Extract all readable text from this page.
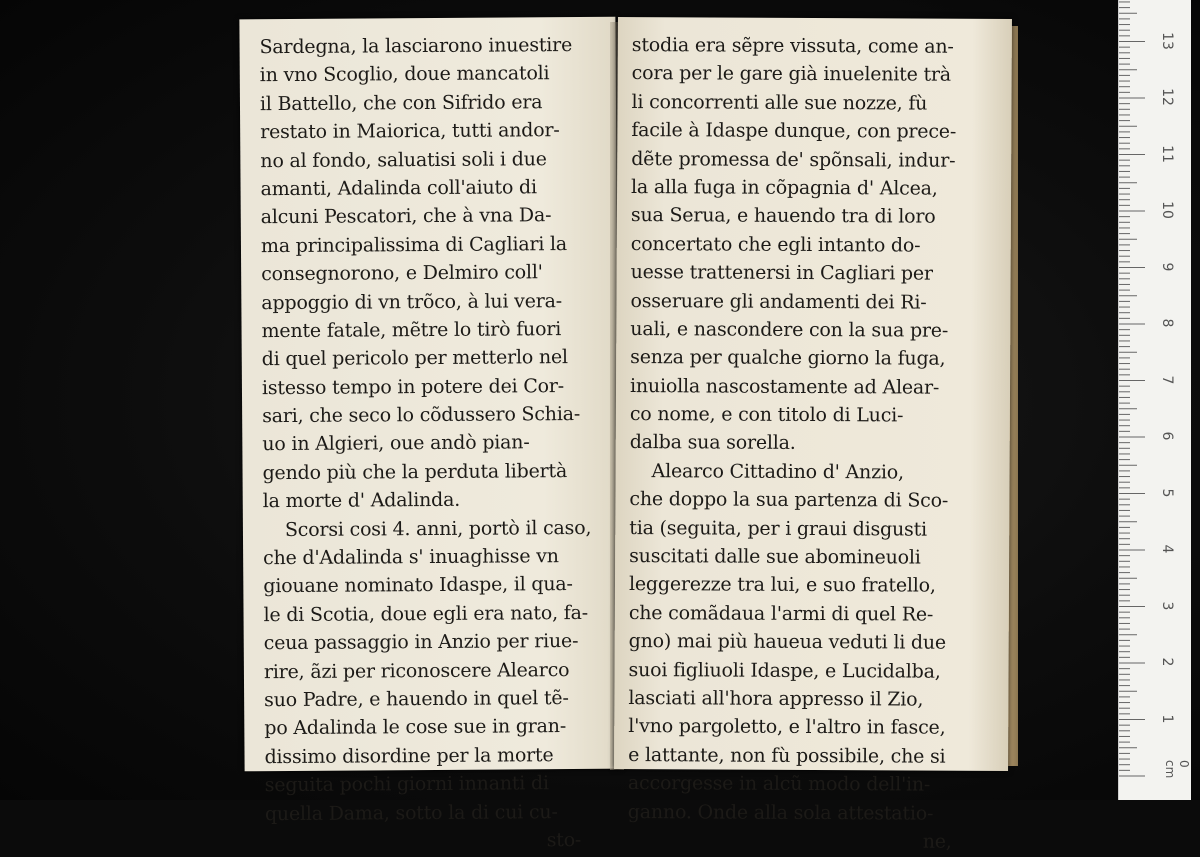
Sardegna, la lasciarono inuestire
in vno Scoglio, doue mancatoli
il Battello, che con Sifrido era
restato in Maiorica, tutti andor-
no al fondo, saluatisi soli i due
amanti, Adalinda coll'aiuto di
alcuni Pescatori, che à vna Da-
ma principalissima di Cagliari la
consegnorono, e Delmiro coll'
appoggio di vn trõco, à lui vera-
mente fatale, mẽtre lo tirò fuori
di quel pericolo per metterlo nel
istesso tempo in potere dei Cor-
sari, che seco lo cõdussero Schia-
uo in Algieri, oue andò pian-
gendo più che la perduta libertà
la morte d' Adalinda.
Scorsi cosi 4. anni, portò il caso,
che d'Adalinda s' inuaghisse vn
giouane nominato Idaspe, il qua-
le di Scotia, doue egli era nato, fa-
ceua passaggio in Anzio per riue-
rire, ãzi per riconoscere Alearco
suo Padre, e hauendo in quel tẽ-
po Adalinda le cose sue in gran-
dissimo disordine per la morte
seguita pochi giorni innanti di
quella Dama, sotto la di cui cu-
sto-
stodia era sẽpre vissuta, come an-
cora per le gare già inuelenite trà
li concorrenti alle sue nozze, fù
facile à Idaspe dunque, con prece-
dẽte promessa de' spõnsali, indur-
la alla fuga in cõpagnia d' Alcea,
sua Serua, e hauendo tra di loro
concertato che egli intanto do-
uesse trattenersi in Cagliari per
osseruare gli andamenti dei Ri-
uali, e nascondere con la sua pre-
senza per qualche giorno la fuga,
inuiolla nascostamente ad Alear-
co nome, e con titolo di Luci-
dalba sua sorella.
Alearco Cittadino d' Anzio,
che doppo la sua partenza di Sco-
tia (seguita, per i graui disgusti
suscitati dalle sue abomineuoli
leggerezze tra lui, e suo fratello,
che comãdaua l'armi di quel Re-
gno) mai più haueua veduti li due
suoi figliuoli Idaspe, e Lucidalba,
lasciati all'hora appresso il Zio,
l'vno pargoletto, e l'altro in fasce,
e lattante, non fù possibile, che si
accorgesse in alcũ modo dell'in-
ganno. Onde alla sola attestatio-
ne,
1
2
3
4
5
6
7
8
9
10
11
12
13
0 cm
